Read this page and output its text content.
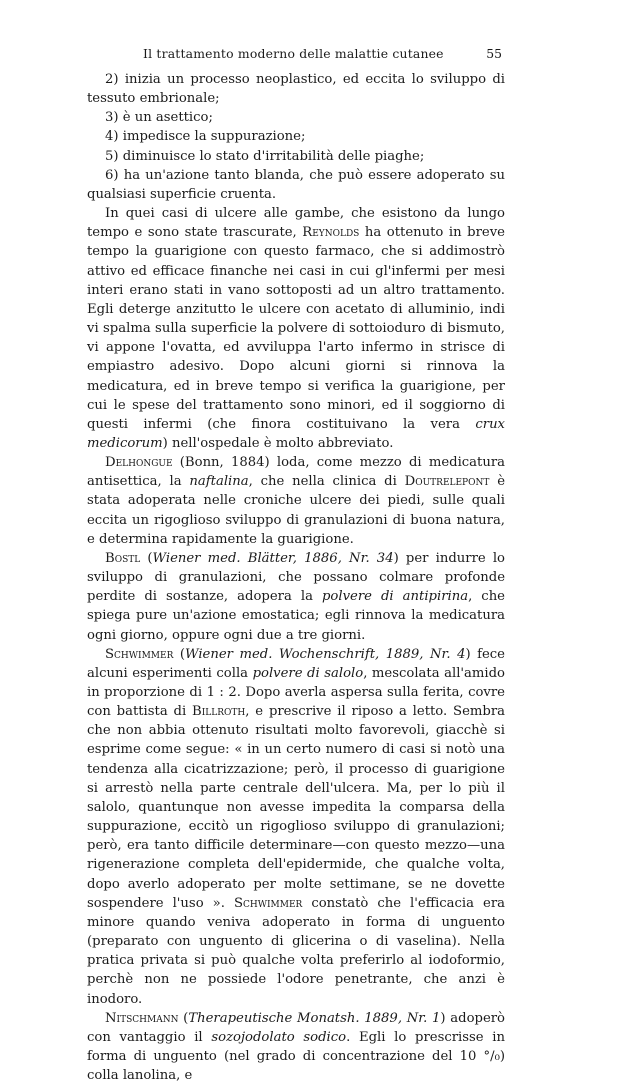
Il trattamento moderno delle malattie cutanee	55

2) inizia un processo neoplastico, ed eccita lo sviluppo di tessuto embrionale;

3) è un asettico;

4) impedisce la suppurazione;

5) diminuisce lo stato d'irritabilità delle piaghe;

6) ha un'azione tanto blanda, che può essere adoperato su qualsiasi superficie cruenta.

In quei casi di ulcere alle gambe, che esistono da lungo tempo e sono state trascurate, Reynolds ha ottenuto in breve tempo la guarigione con questo farmaco, che si addimostrò attivo ed efficace finanche nei casi in cui gl'infermi per mesi interi erano stati in vano sottoposti ad un altro trattamento. Egli deterge anzitutto le ulcere con acetato di alluminio, indi vi spalma sulla superficie la polvere di sottoioduro di bismuto, vi appone l'ovatta, ed avviluppa l'arto infermo in strisce di empiastro adesivo. Dopo alcuni giorni si rinnova la medicatura, ed in breve tempo si verifica la guarigione, per cui le spese del trattamento sono minori, ed il soggiorno di questi infermi (che finora costituivano la vera crux medicorum) nell'ospedale è molto abbreviato.

Delhongue (Bonn, 1884) loda, come mezzo di medicatura antisettica, la naftalina, che nella clinica di Doutrelepont è stata adoperata nelle croniche ulcere dei piedi, sulle quali eccita un rigoglioso sviluppo di granulazioni di buona natura, e determina rapidamente la guarigione.

Bostl (Wiener med. Blätter, 1886, Nr. 34) per indurre lo sviluppo di granulazioni, che possano colmare profonde perdite di sostanze, adopera la polvere di antipirina, che spiega pure un'azione emostatica; egli rinnova la medicatura ogni giorno, oppure ogni due a tre giorni.

Schwimmer (Wiener med. Wochenschrift, 1889, Nr. 4) fece alcuni esperimenti colla polvere di salolo, mescolata all'amido in proporzione di 1 : 2. Dopo averla aspersa sulla ferita, covre con battista di Billroth, e prescrive il riposo a letto. Sembra che non abbia ottenuto risultati molto favorevoli, giacchè si esprime come segue: « in un certo numero di casi si notò una tendenza alla cicatrizzazione; però, il processo di guarigione si arrestò nella parte centrale dell'ulcera. Ma, per lo più il salolo, quantunque non avesse impedita la comparsa della suppurazione, eccitò un rigoglioso sviluppo di granulazioni; però, era tanto difficile determinare—con questo mezzo—una rigenerazione completa dell'epidermide, che qualche volta, dopo averlo adoperato per molte settimane, se ne dovette sospendere l'uso ». Schwimmer constatò che l'efficacia era minore quando veniva adoperato in forma di unguento (preparato con unguento di glicerina o di vaselina). Nella pratica privata si può qualche volta preferirlo al iodoformio, perchè non ne possiede l'odore penetrante, che anzi è inodoro.

Nitschmann (Therapeutische Monatsh. 1889, Nr. 1) adoperò con vantaggio il sozojodolato sodico. Egli lo prescrisse in forma di unguento (nel grado di concentrazione del 10 °/₀) colla lanolina, e
